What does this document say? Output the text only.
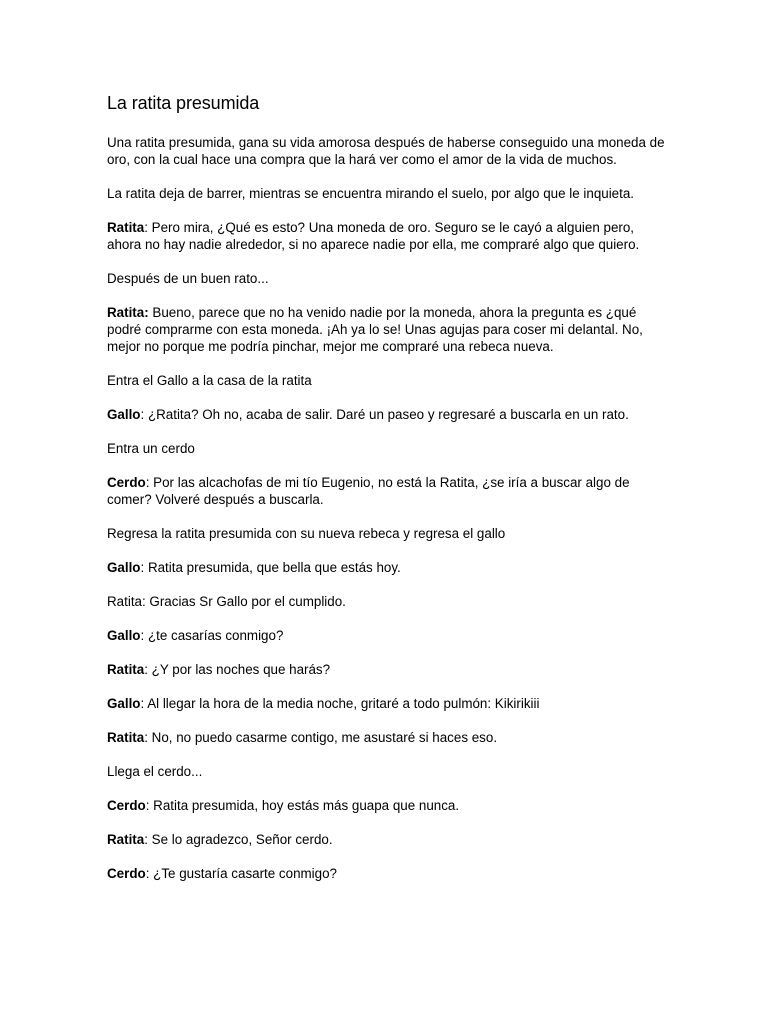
La ratita presumida

Una ratita presumida, gana su vida amorosa después de haberse conseguido una moneda de oro, con la cual hace una compra que la hará ver como el amor de la vida de muchos.

La ratita deja de barrer, mientras se encuentra mirando el suelo, por algo que le inquieta.

Ratita: Pero mira, ¿Qué es esto? Una moneda de oro. Seguro se le cayó a alguien pero, ahora no hay nadie alrededor, si no aparece nadie por ella, me compraré algo que quiero.

Después de un buen rato...

Ratita: Bueno, parece que no ha venido nadie por la moneda, ahora la pregunta es ¿qué podré comprarme con esta moneda. ¡Ah ya lo se! Unas agujas para coser mi delantal. No, mejor no porque me podría pinchar, mejor me compraré una rebeca nueva.

Entra el Gallo a la casa de la ratita

Gallo: ¿Ratita? Oh no, acaba de salir. Daré un paseo y regresaré a buscarla en un rato.

Entra un cerdo

Cerdo: Por las alcachofas de mi tío Eugenio, no está la Ratita, ¿se iría a buscar algo de comer? Volveré después a buscarla.

Regresa la ratita presumida con su nueva rebeca y regresa el gallo

Gallo: Ratita presumida, que bella que estás hoy.

Ratita: Gracias Sr Gallo por el cumplido.

Gallo: ¿te casarías conmigo?

Ratita: ¿Y por las noches que harás?

Gallo: Al llegar la hora de la media noche, gritaré a todo pulmón: Kikirikiii

Ratita: No, no puedo casarme contigo, me asustaré si haces eso.

Llega el cerdo...

Cerdo: Ratita presumida, hoy estás más guapa que nunca.

Ratita: Se lo agradezco, Señor cerdo.

Cerdo: ¿Te gustaría casarte conmigo?
